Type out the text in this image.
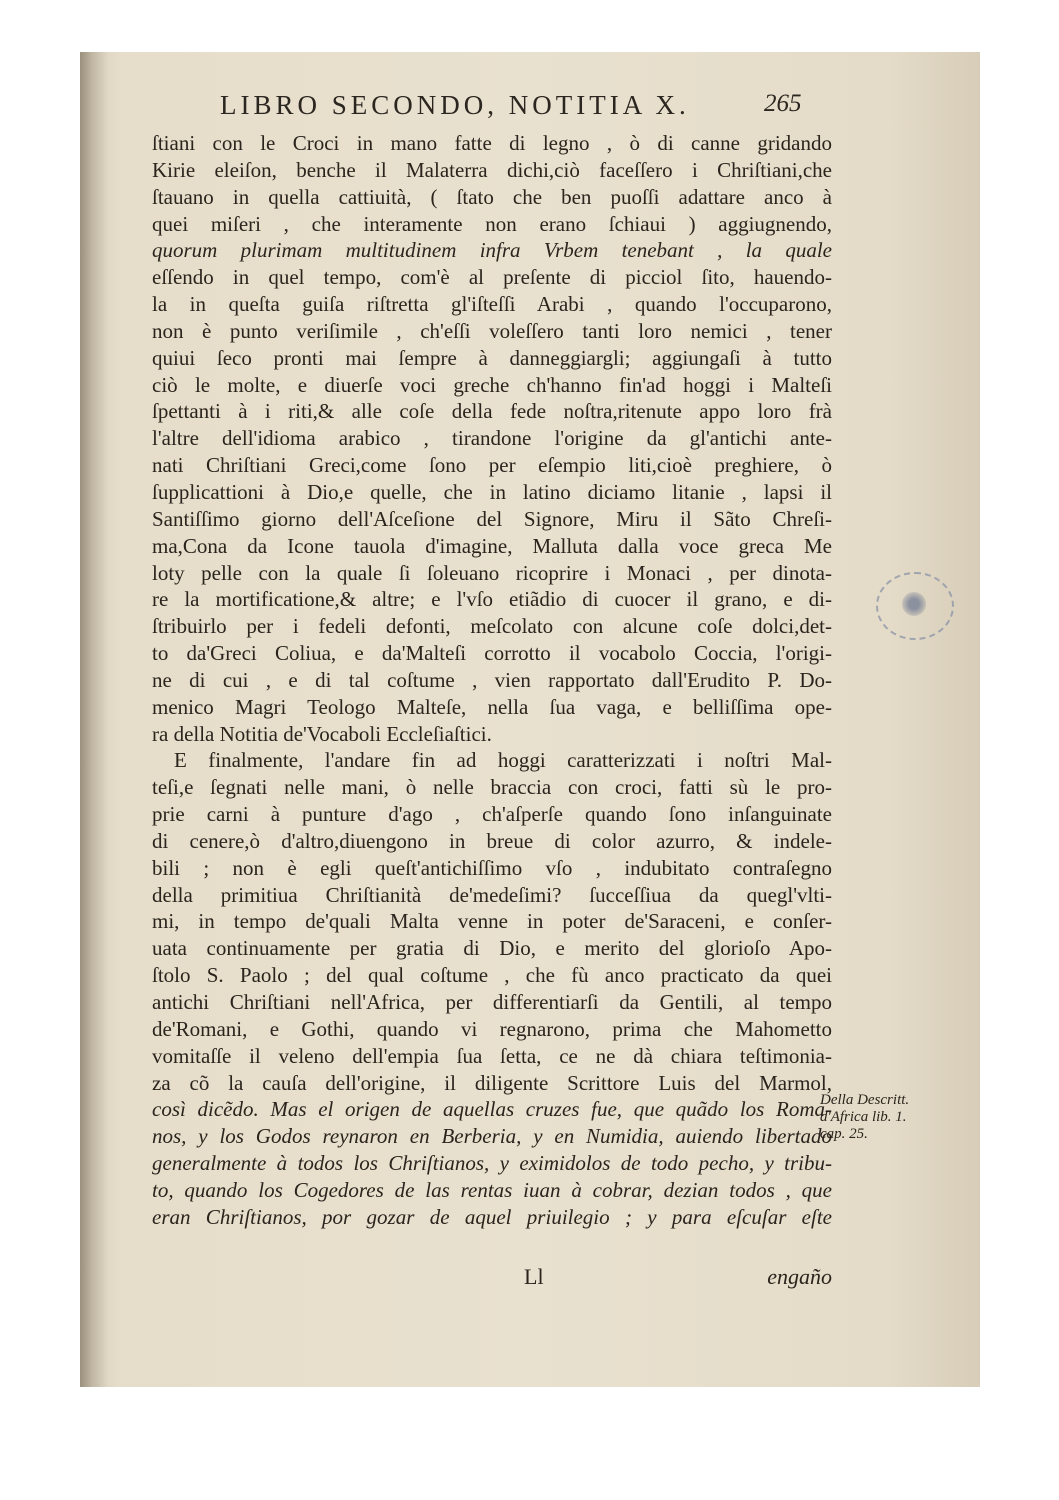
LIBRO SECONDO, NOTITIA X.	265
ſtiani con le Croci in mano fatte di legno , ò di canne gridando
Kirie eleiſon, benche il Malaterra dichi,ciò faceſſero i Chriſtiani,che
ſtauano in quella cattiuità, ( ſtato che ben puoſſi adattare anco à
quei miſeri , che interamente non erano ſchiaui ) aggiugnendo,
quorum plurimam multitudinem infra Vrbem tenebant , la quale
eſſendo in quel tempo, com'è al preſente di picciol ſito, hauendo-
la in queſta guiſa riſtretta gl'iſteſſi Arabi , quando l'occuparono,
non è punto veriſimile , ch'eſſi voleſſero tanti loro nemici , tener
quiui ſeco pronti mai ſempre à danneggiargli; aggiungaſi à tutto
ciò le molte, e diuerſe voci greche ch'hanno fin'ad hoggi i Malteſi
ſpettanti à i riti,& alle coſe della fede noſtra,ritenute appo loro frà
l'altre dell'idioma arabico , tirandone l'origine da gl'antichi ante-
nati Chriſtiani Greci,come ſono per eſempio liti,cioè preghiere, ò
ſupplicattioni à Dio,e quelle, che in latino diciamo litanie , lapsi il
Santiſſimo giorno dell'Aſceſione del Signore, Miru il Sãto Chreſi-
ma,Cona da Icone tauola d'imagine, Malluta dalla voce greca Me
loty pelle con la quale ſi ſoleuano ricoprire i Monaci , per dinota-
re la mortificatione,& altre; e l'vſo etiãdio di cuocer il grano, e di-
ſtribuirlo per i fedeli defonti, meſcolato con alcune coſe dolci,det-
to da'Greci Coliua, e da'Malteſi corrotto il vocabolo Coccia, l'origi-
ne di cui , e di tal coſtume , vien rapportato dall'Erudito P. Do-
menico Magri Teologo Malteſe, nella ſua vaga, e belliſſima ope-
ra della Notitia de'Vocaboli Eccleſiaſtici.
E finalmente, l'andare fin ad hoggi caratterizzati i noſtri Mal-
teſi,e ſegnati nelle mani, ò nelle braccia con croci, fatti sù le pro-
prie carni à punture d'ago , ch'aſperſe quando ſono inſanguinate
di cenere,ò d'altro,diuengono in breue di color azurro, & indele-
bili ; non è egli queſt'antichiſſimo vſo , indubitato contraſegno
della primitiua Chriſtianità de'medeſimi? ſucceſſiua da quegl'vlti-
mi, in tempo de'quali Malta venne in poter de'Saraceni, e conſer-
uata continuamente per gratia di Dio, e merito del glorioſo Apo-
ſtolo S. Paolo ; del qual coſtume , che fù anco practicato da quei
antichi Chriſtiani nell'Africa, per differentiarſi da Gentili, al tempo
de'Romani, e Gothi, quando vi regnarono, prima che Mahometto
vomitaſſe il veleno dell'empia ſua ſetta, ce ne dà chiara teſtimonia-
za cõ la cauſa dell'origine, il diligente Scrittore Luis del Marmol,
così dicẽdo. Mas el origen de aquellas cruzes fue, que quãdo los Roma-
nos, y los Godos reynaron en Berberia, y en Numidia, auiendo libertado
generalmente à todos los Chriſtianos, y eximidolos de todo pecho, y tribu-
to, quando los Cogedores de las rentas iuan à cobrar, dezian todos , que
eran Chriſtianos, por gozar de aquel priuilegio ; y para eſcuſar eſte
Ll	engaño
Della Descritt.
d'Africa lib. 1.
cap. 25.
